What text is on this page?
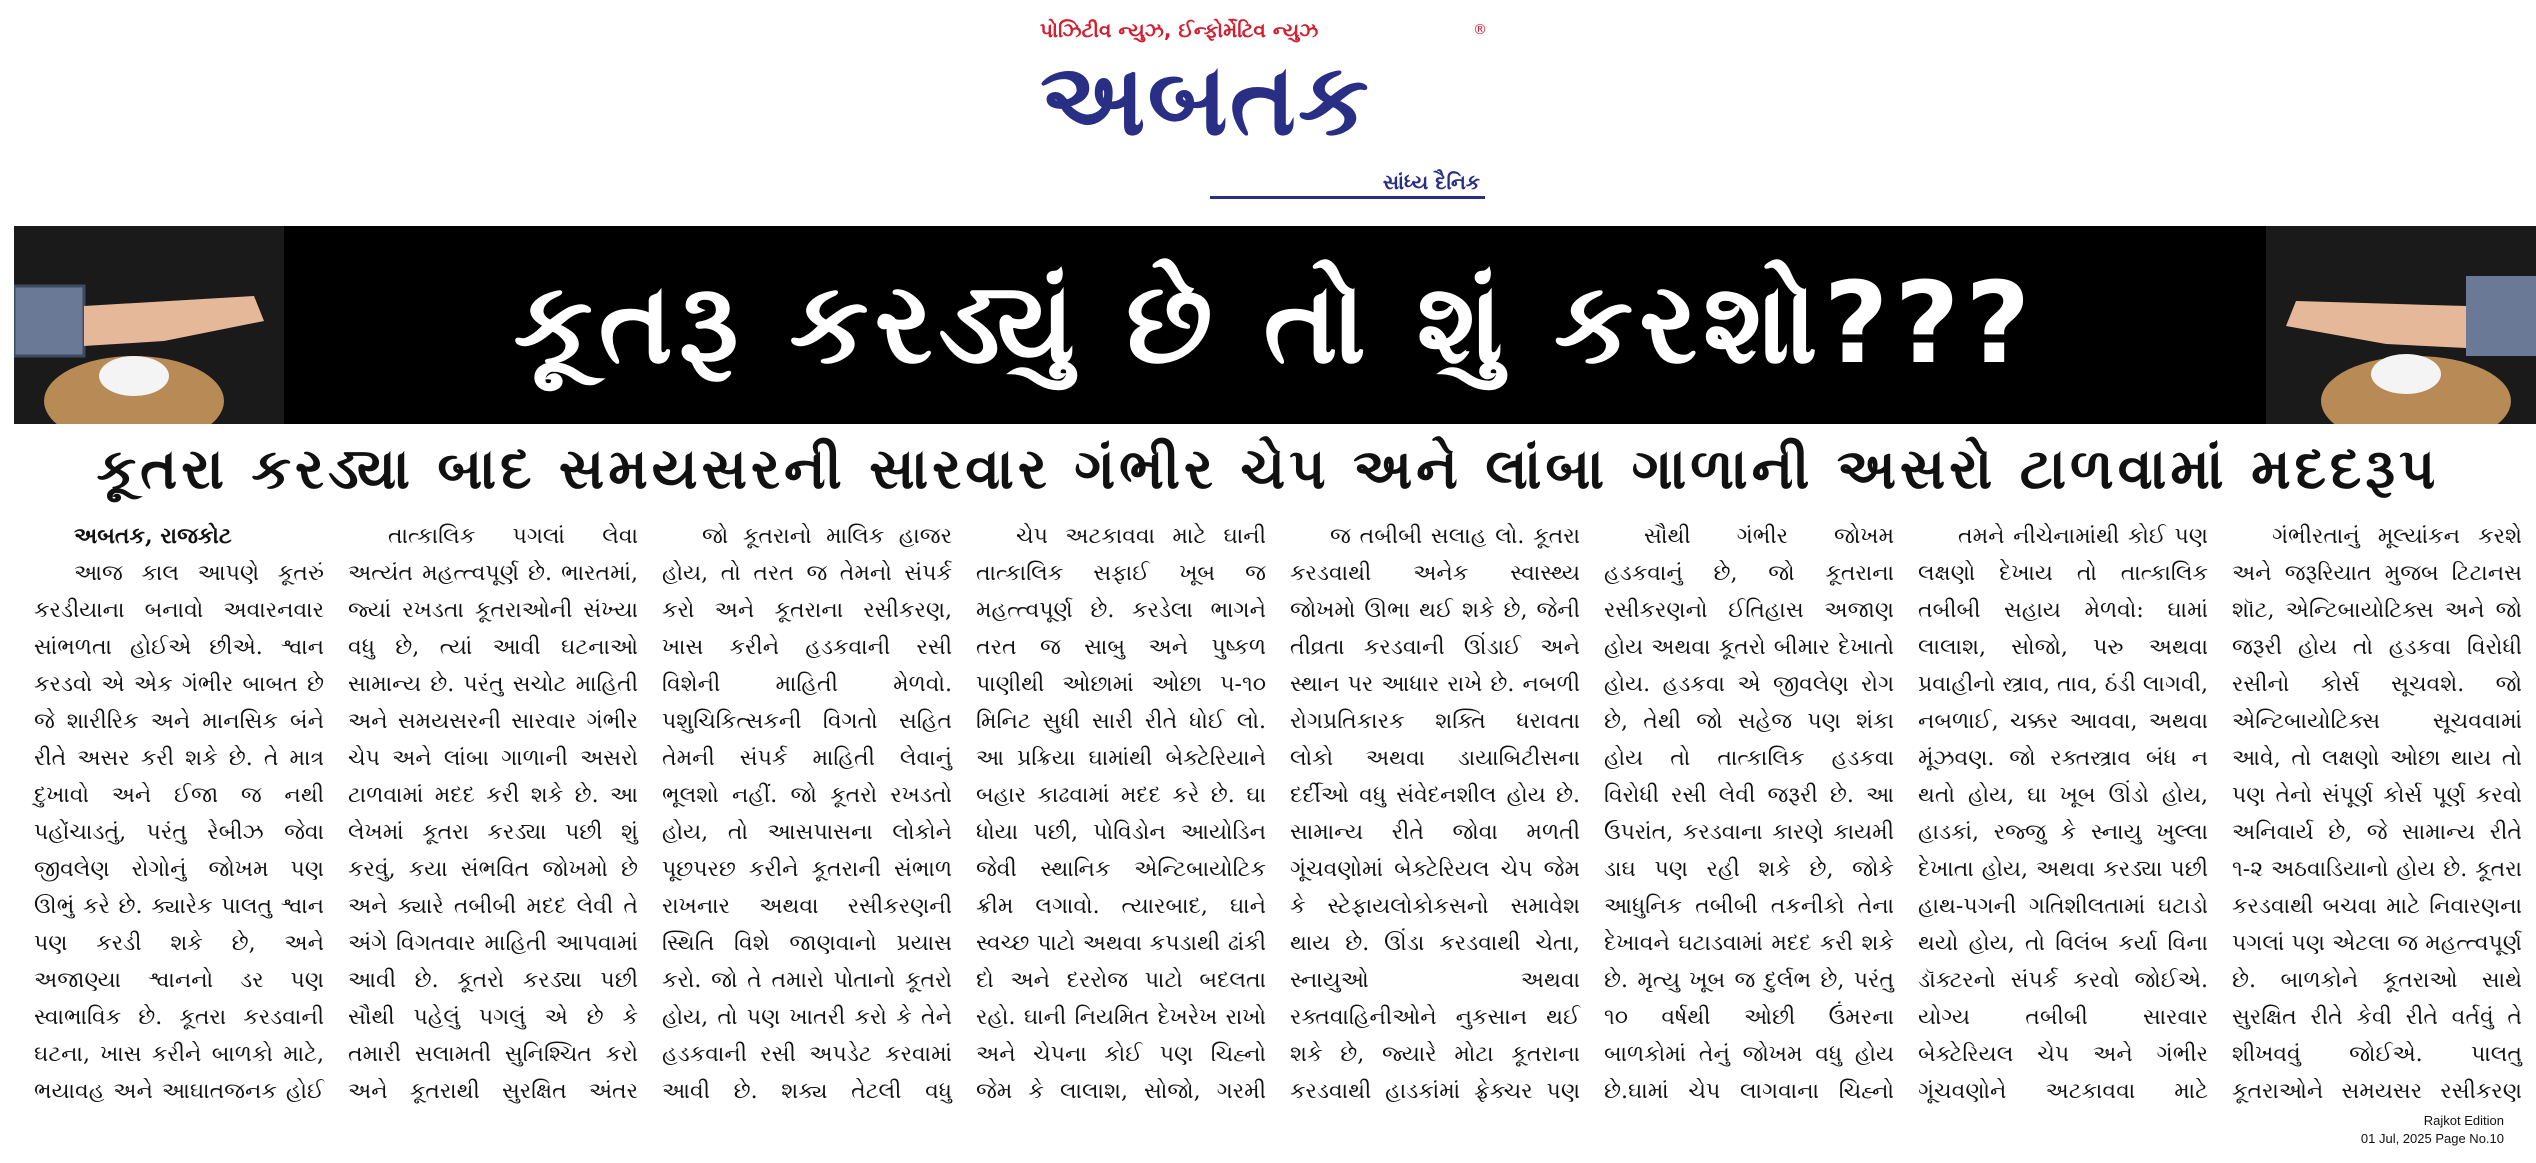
પોઝિટીવ ન્યુઝ, ઈન્ફોર્મેટિવ ન્યુઝ
અબતક
®
સાંધ્ય દૈનિક
કૂતરૂ કરડ્યું છે તો શું કરશો???
કૂતરા કરડ્યા બાદ સમયસરની સારવાર ગંભીર ચેપ અને લાંબા ગાળાની અસરો ટાળવામાં મદદરૂપ

અબતક, રાજકોટ

આજ કાલ આપણે કૂતરું કરડીયાના બનાવો અવારનવાર સાંભળતા હોઈએ છીએ. શ્વાન કરડવો એ એક ગંભીર બાબત છે જે શારીરિક અને માનસિક બંને રીતે અસર કરી શકે છે. તે માત્ર દુખાવો અને ઈજા જ નથી પહોંચાડતું, પરંતુ રેબીઝ જેવા જીવલેણ રોગોનું જોખમ પણ ઊભું કરે છે. ક્યારેક પાલતુ શ્વાન પણ કરડી શકે છે, અને અજાણ્યા શ્વાનનો ડર પણ સ્વાભાવિક છે. કૂતરા કરડવાની ઘટના, ખાસ કરીને બાળકો માટે, ભયાવહ અને આઘાતજનક હોઈ

તાત્કાલિક પગલાં લેવા અત્યંત મહત્ત્વપૂર્ણ છે. ભારતમાં, જ્યાં રખડતા કૂતરાઓની સંખ્યા વધુ છે, ત્યાં આવી ઘટનાઓ સામાન્ય છે. પરંતુ સચોટ માહિતી અને સમયસરની સારવાર ગંભીર ચેપ અને લાંબા ગાળાની અસરો ટાળવામાં મદદ કરી શકે છે. આ લેખમાં કૂતરા કરડ્યા પછી શું કરવું, કયા સંભવિત જોખમો છે અને ક્યારે તબીબી મદદ લેવી તે અંગે વિગતવાર માહિતી આપવામાં આવી છે. કૂતરો કરડ્યા પછી સૌથી પહેલું પગલું એ છે કે તમારી સલામતી સુનિશ્ચિત કરો અને કૂતરાથી સુરક્ષિત અંતર

જો કૂતરાનો માલિક હાજર હોય, તો તરત જ તેમનો સંપર્ક કરો અને કૂતરાના રસીકરણ, ખાસ કરીને હડકવાની રસી વિશેની માહિતી મેળવો. પશુચિકિત્સકની વિગતો સહિત તેમની સંપર્ક માહિતી લેવાનું ભૂલશો નહીં. જો કૂતરો રખડતો હોય, તો આસપાસના લોકોને પૂછપરછ કરીને કૂતરાની સંભાળ રાખનાર અથવા રસીકરણની સ્થિતિ વિશે જાણવાનો પ્રયાસ કરો. જો તે તમારો પોતાનો કૂતરો હોય, તો પણ ખાતરી કરો કે તેને હડકવાની રસી અપડેટ કરવામાં આવી છે. શક્ય તેટલી વધુ

ચેપ અટકાવવા માટે ઘાની તાત્કાલિક સફાઈ ખૂબ જ મહત્ત્વપૂર્ણ છે. કરડેલા ભાગને તરત જ સાબુ અને પુષ્કળ પાણીથી ઓછામાં ઓછા ૫-૧૦ મિનિટ સુધી સારી રીતે ધોઈ લો. આ પ્રક્રિયા ઘામાંથી બેક્ટેરિયાને બહાર કાઢવામાં મદદ કરે છે. ઘા ધોયા પછી, પોવિડોન આયોડિન જેવી સ્થાનિક એન્ટિબાયોટિક ક્રીમ લગાવો. ત્યારબાદ, ઘાને સ્વચ્છ પાટો અથવા કપડાથી ઢાંકી દો અને દરરોજ પાટો બદલતા રહો. ઘાની નિયમિત દેખરેખ રાખો અને ચેપના કોઈ પણ ચિહ્નો જેમ કે લાલાશ, સોજો, ગરમી

જ તબીબી સલાહ લો. કૂતરા કરડવાથી અનેક સ્વાસ્થ્ય જોખમો ઊભા થઈ શકે છે, જેની તીવ્રતા કરડવાની ઊંડાઈ અને સ્થાન પર આધાર રાખે છે. નબળી રોગપ્રતિકારક શક્તિ ધરાવતા લોકો અથવા ડાયાબિટીસના દર્દીઓ વધુ સંવેદનશીલ હોય છે. સામાન્ય રીતે જોવા મળતી ગૂંચવણોમાં બેક્ટેરિયલ ચેપ જેમ કે સ્ટેફાયલોકોકસનો સમાવેશ થાય છે. ઊંડા કરડવાથી ચેતા, સ્નાયુઓ અથવા રક્તવાહિનીઓને નુકસાન થઈ શકે છે, જ્યારે મોટા કૂતરાના કરડવાથી હાડકાંમાં ફ્રેક્ચર પણ

સૌથી ગંભીર જોખમ હડકવાનું છે, જો કૂતરાના રસીકરણનો ઈતિહાસ અજાણ હોય અથવા કૂતરો બીમાર દેખાતો હોય. હડકવા એ જીવલેણ રોગ છે, તેથી જો સહેજ પણ શંકા હોય તો તાત્કાલિક હડકવા વિરોધી રસી લેવી જરૂરી છે. આ ઉપરાંત, કરડવાના કારણે કાયમી ડાઘ પણ રહી શકે છે, જોકે આધુનિક તબીબી તકનીકો તેના દેખાવને ઘટાડવામાં મદદ કરી શકે છે. મૃત્યુ ખૂબ જ દુર્લભ છે, પરંતુ ૧૦ વર્ષથી ઓછી ઉંમરના બાળકોમાં તેનું જોખમ વધુ હોય છે.ઘામાં ચેપ લાગવાના ચિહ્નો

તમને નીચેનામાંથી કોઈ પણ લક્ષણો દેખાય તો તાત્કાલિક તબીબી સહાય મેળવો: ઘામાં લાલાશ, સોજો, પરુ અથવા પ્રવાહીનો સ્ત્રાવ, તાવ, ઠંડી લાગવી, નબળાઈ, ચક્કર આવવા, અથવા મૂંઝવણ. જો રક્તસ્ત્રાવ બંધ ન થતો હોય, ઘા ખૂબ ઊંડો હોય, હાડકાં, રજ્જુ કે સ્નાયુ ખુલ્લા દેખાતા હોય, અથવા કરડ્યા પછી હાથ-પગની ગતિશીલતામાં ઘટાડો થયો હોય, તો વિલંબ કર્યા વિના ડૉક્ટરનો સંપર્ક કરવો જોઈએ. યોગ્ય તબીબી સારવાર બેક્ટેરિયલ ચેપ અને ગંભીર ગૂંચવણોને અટકાવવા માટે

ગંભીરતાનું મૂલ્યાંકન કરશે અને જરૂરિયાત મુજબ ટિટાનસ શૉટ, એન્ટિબાયોટિક્સ અને જો જરૂરી હોય તો હડકવા વિરોધી રસીનો કોર્સ સૂચવશે. જો એન્ટિબાયોટિક્સ સૂચવવામાં આવે, તો લક્ષણો ઓછા થાય તો પણ તેનો સંપૂર્ણ કોર્સ પૂર્ણ કરવો અનિવાર્ય છે, જે સામાન્ય રીતે ૧-૨ અઠવાડિયાનો હોય છે. કૂતરા કરડવાથી બચવા માટે નિવારણના પગલાં પણ એટલા જ મહત્ત્વપૂર્ણ છે. બાળકોને કૂતરાઓ સાથે સુરક્ષિત રીતે કેવી રીતે વર્તવું તે શીખવવું જોઈએ. પાલતુ કૂતરાઓને સમયસર રસીકરણ

Rajkot Edition
01 Jul, 2025 Page No.10
